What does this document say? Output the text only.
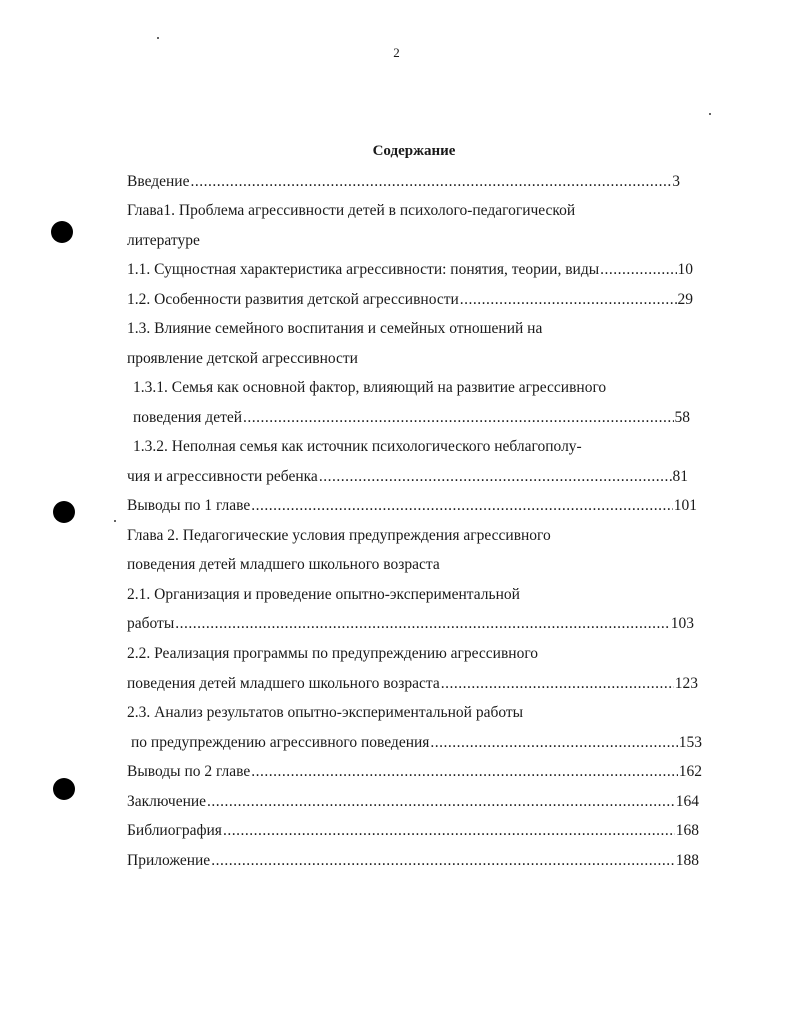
2
Содержание
Введение .....	3
Глава1. Проблема агрессивности детей в психолого-педагогической
литературе
1.1. Сущностная характеристика агрессивности: понятия, теории, виды .....	10
1.2. Особенности развития детской агрессивности .....	29
1.3. Влияние семейного воспитания и семейных отношений на
проявление детской агрессивности
1.3.1. Семья как основной фактор, влияющий на развитие агрессивного
поведения детей .....	58
1.3.2. Неполная семья как источник психологического неблагополу-
чия и агрессивности ребенка .....	81
Выводы по 1 главе .....	101
Глава 2. Педагогические условия предупреждения агрессивного
поведения детей младшего школьного возраста
2.1. Организация и проведение опытно-экспериментальной
работы .....	103
2.2. Реализация программы по предупреждению агрессивного
поведения детей младшего школьного возраста .....	123
2.3. Анализ результатов опытно-экспериментальной работы
по предупреждению агрессивного поведения .....	153
Выводы по 2 главе .....	162
Заключение .....	164
Библиография .....	168
Приложение .....	188
